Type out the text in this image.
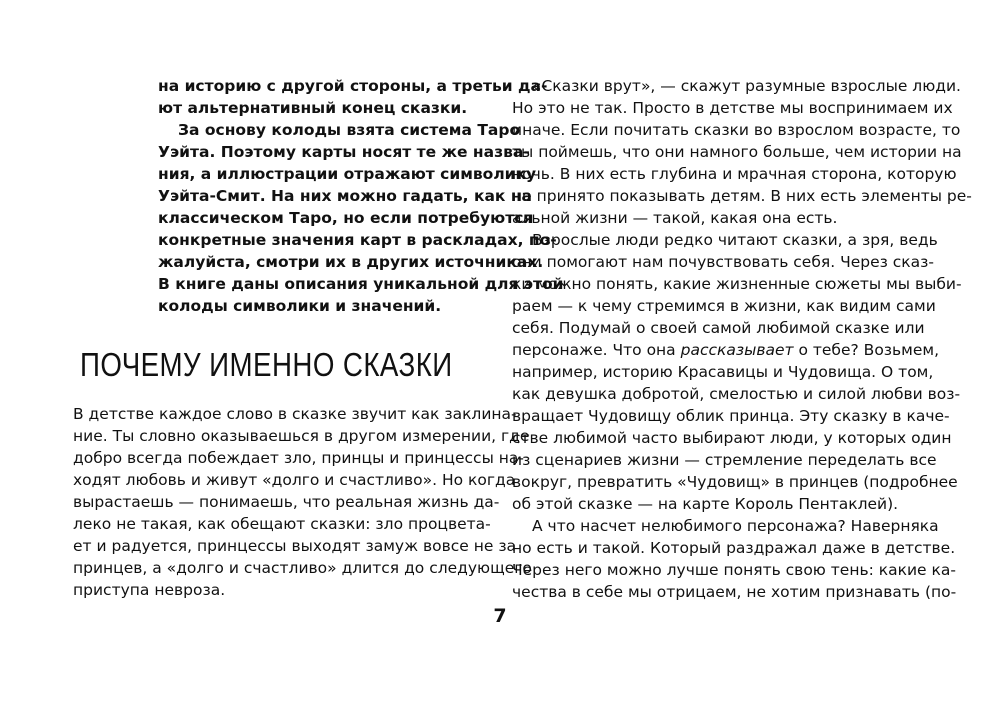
на историю с другой стороны, а третьи да-

ют альтернативный конец сказки.

За основу колоды взята система Таро

Уэйта. Поэтому карты носят те же назва-

ния, а иллюстрации отражают символику

Уэйта-Смит. На них можно гадать, как на

классическом Таро, но если потребуются

конкретные значения карт в раскладах, по-

жалуйста, смотри их в других источниках.

В книге даны описания уникальной для этой

колоды символики и значений.

ПОЧЕМУ ИМЕННО СКАЗКИ

В детстве каждое слово в сказке звучит как заклина-

ние. Ты словно оказываешься в другом измерении, где

добро всегда побеждает зло, принцы и принцессы на-

ходят любовь и живут «долго и счастливо». Но когда

вырастаешь — понимаешь, что реальная жизнь да-

леко не такая, как обещают сказки: зло процвета-

ет и радуется, принцессы выходят замуж вовсе не за

принцев, а «долго и счастливо» длится до следующего

приступа невроза.

«Сказки врут», — скажут разумные взрослые люди.

Но это не так. Просто в детстве мы воспринимаем их

иначе. Если почитать сказки во взрослом возрасте, то

ты поймешь, что они намного больше, чем истории на

ночь. В них есть глубина и мрачная сторона, которую

не принято показывать детям. В них есть элементы ре-

альной жизни — такой, какая она есть.

Взрослые люди редко читают сказки, а зря, ведь

они помогают нам почувствовать себя. Через сказ-

ки можно понять, какие жизненные сюжеты мы выби-

раем — к чему стремимся в жизни, как видим сами

себя. Подумай о своей самой любимой сказке или

персонаже. Что она рассказывает о тебе? Возьмем,

например, историю Красавицы и Чудовища. О том,

как девушка добротой, смелостью и силой любви воз-

вращает Чудовищу облик принца. Эту сказку в каче-

стве любимой часто выбирают люди, у которых один

из сценариев жизни — стремление переделать все

вокруг, превратить «Чудовищ» в принцев (подробнее

об этой сказке — на карте Король Пентаклей).

А что насчет нелюбимого персонажа? Навернякa

но есть и такой. Который раздражал даже в детстве.

Через него можно лучше понять свою тень: какие ка-

чества в себе мы отрицаем, не хотим признавать (по-

7
